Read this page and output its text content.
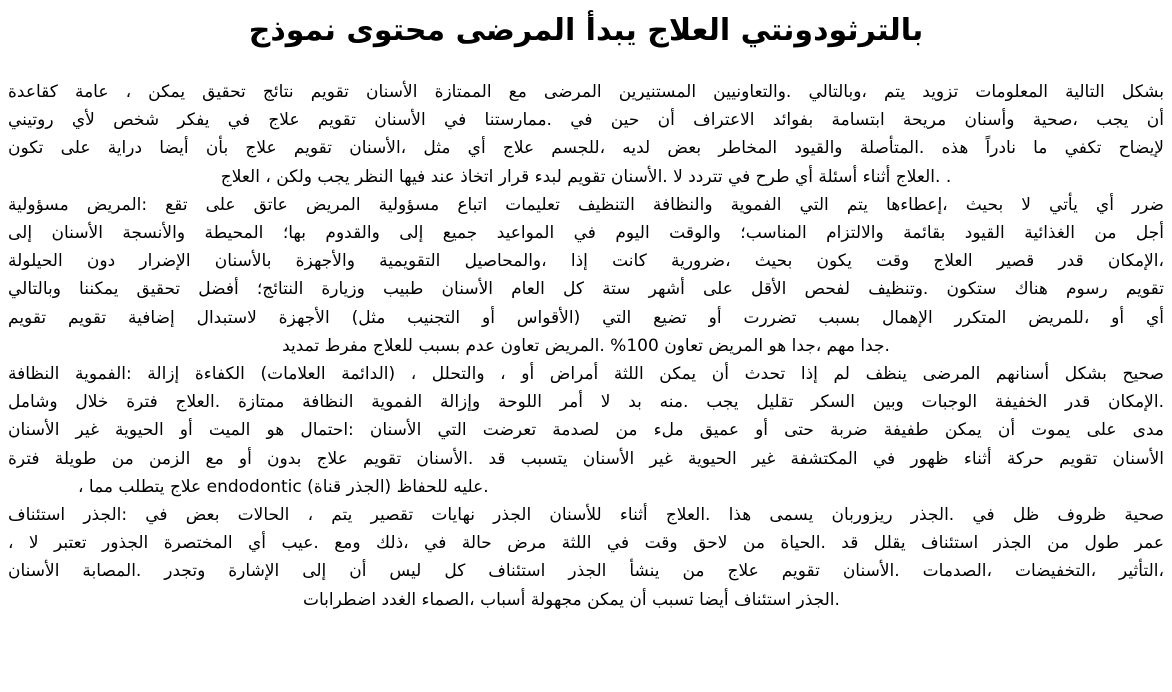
بالترثودونتي العلاج يبدأ المرضى محتوى نموذج
بشكل التالية المعلومات تزويد يتم ،وبالتالي .والتعاونيين المستنيرين المرضى مع الممتازة الأسنان تقويم نتائج تحقيق يمكن ، عامة كقاعدة
أن يجب ،صحية وأسنان مريحة ابتسامة بفوائد الاعتراف أن حين في .ممارستنا في الأسنان تقويم علاج في يفكر شخص لأي روتيني
لإيضاح تكفي ما نادراً هذه .المتأصلة والقيود المخاطر بعض لديه ،للجسم علاج أي مثل ،الأسنان تقويم علاج بأن أيضا دراية على تكون
. .العلاج أثناء أسئلة أي طرح في تتردد لا .الأسنان تقويم لبدء قرار اتخاذ عند فيها النظر يجب ولكن ، العلاج
ضرر أي يأتي لا بحيث ،إعطاءها يتم التي الفموية والنظافة التنظيف تعليمات اتباع مسؤولية المريض عاتق على تقع :المريض مسؤولية
أجل من الغذائية القيود بقائمة والالتزام المناسب؛ والوقت اليوم في المواعيد جميع إلى والقدوم بها؛ المحيطة والأنسجة الأسنان إلى
،الإمكان قدر قصير العلاج وقت يكون بحيث ،ضرورية كانت إذا ،والمحاصيل التقويمية والأجهزة بالأسنان الإضرار دون الحيلولة
تقويم رسوم هناك ستكون .وتنظيف لفحص الأقل على أشهر ستة كل العام الأسنان طبيب وزيارة النتائج؛ أفضل تحقيق يمكننا وبالتالي
أي أو ،للمريض المتكرر الإهمال بسبب تضررت أو تضيع التي (الأقواس أو التجنيب مثل) الأجهزة لاستبدال إضافية تقويم تقويم
.جدا مهم ،جدا هو المريض تعاون 100% .المريض تعاون عدم بسبب للعلاج مفرط تمديد
صحيح بشكل أسنانهم المرضى ينظف لم إذا تحدث أن يمكن اللثة أمراض أو ، والتحلل ، (الدائمة العلامات) الكفاءة إزالة :الفموية النظافة
.الإمكان قدر الخفيفة الوجبات وبين السكر تقليل يجب .منه بد لا أمر اللوحة وإزالة الفموية النظافة ممتازة .العلاج فترة خلال وشامل
مدى على يموت أن يمكن طفيفة ضربة حتى أو عميق ملء من لصدمة تعرضت التي الأسنان :احتمال هو الميت أو الحيوية غير الأسنان
الأسنان تقويم حركة أثناء ظهور في المكتشفة غير الحيوية غير الأسنان يتسبب قد .الأسنان تقويم علاج بدون أو مع الزمن من طويلة فترة
.عليه للحفاظ (الجذر قناة) endodontic علاج يتطلب مما ،
صحية ظروف ظل في .الجذر ريزوربان يسمى هذا .العلاج أثناء للأسنان الجذر نهايات تقصير يتم ، الحالات بعض في :الجذر استئناف
عمر طول من الجذر استئناف يقلل قد .الحياة من لاحق وقت في اللثة مرض حالة في ،ذلك ومع .عيب أي المختصرة الجذور تعتبر لا ،
،التأثير ،التخفيضات ،الصدمات .الأسنان تقويم علاج من ينشأ الجذر استئناف كل ليس أن إلى الإشارة وتجدر .المصابة الأسنان
.الجذر استئناف أيضا تسبب أن يمكن مجهولة أسباب ،الصماء الغدد اضطرابات
